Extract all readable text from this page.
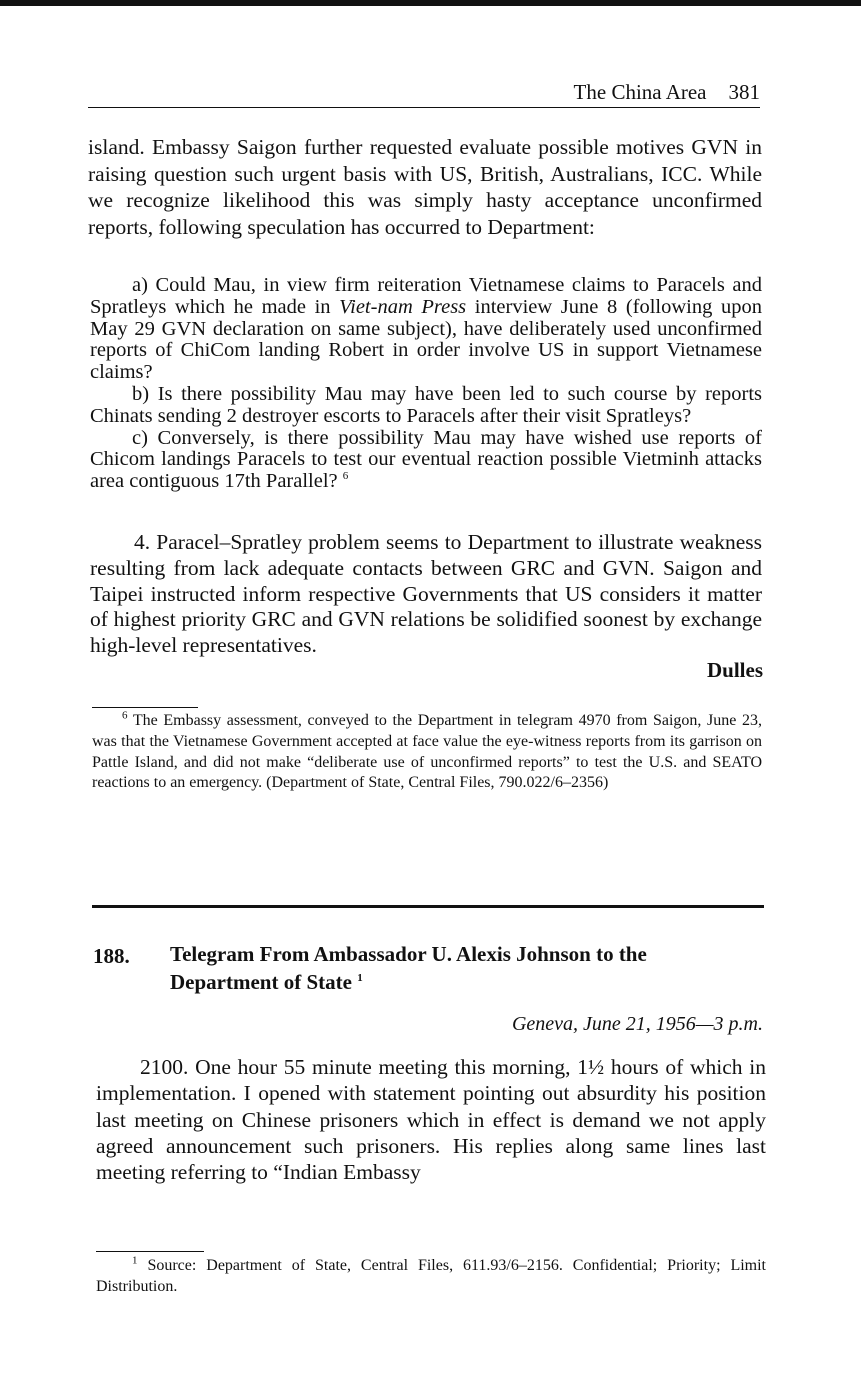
The China Area 381
island. Embassy Saigon further requested evaluate possible motives GVN in raising question such urgent basis with US, British, Australians, ICC. While we recognize likelihood this was simply hasty acceptance unconfirmed reports, following speculation has occurred to Department:

a) Could Mau, in view firm reiteration Vietnamese claims to Paracels and Spratleys which he made in Viet-nam Press interview June 8 (following upon May 29 GVN declaration on same subject), have deliberately used unconfirmed reports of ChiCom landing Robert in order involve US in support Vietnamese claims?

b) Is there possibility Mau may have been led to such course by reports Chinats sending 2 destroyer escorts to Paracels after their visit Spratleys?

c) Conversely, is there possibility Mau may have wished use reports of Chicom landings Paracels to test our eventual reaction possible Vietminh attacks area contiguous 17th Parallel? $^6$

4. Paracel–Spratley problem seems to Department to illustrate weakness resulting from lack adequate contacts between GRC and GVN. Saigon and Taipei instructed inform respective Governments that US considers it matter of highest priority GRC and GVN relations be solidified soonest by exchange high-level representatives.
Dulles
$^6$ The Embassy assessment, conveyed to the Department in telegram 4970 from Saigon, June 23, was that the Vietnamese Government accepted at face value the eye-witness reports from its garrison on Pattle Island, and did not make “deliberate use of unconfirmed reports” to test the U.S. and SEATO reactions to an emergency. (Department of State, Central Files, 790.022/6–2356)
188. Telegram From Ambassador U. Alexis Johnson to the Department of State $^1$
Geneva, June 21, 1956—3 p.m.
2100. One hour 55 minute meeting this morning, 1½ hours of which in implementation. I opened with statement pointing out absurdity his position last meeting on Chinese prisoners which in effect is demand we not apply agreed announcement such prisoners. His replies along same lines last meeting referring to “Indian Embassy
$^1$ Source: Department of State, Central Files, 611.93/6–2156. Confidential; Priority; Limit Distribution.
